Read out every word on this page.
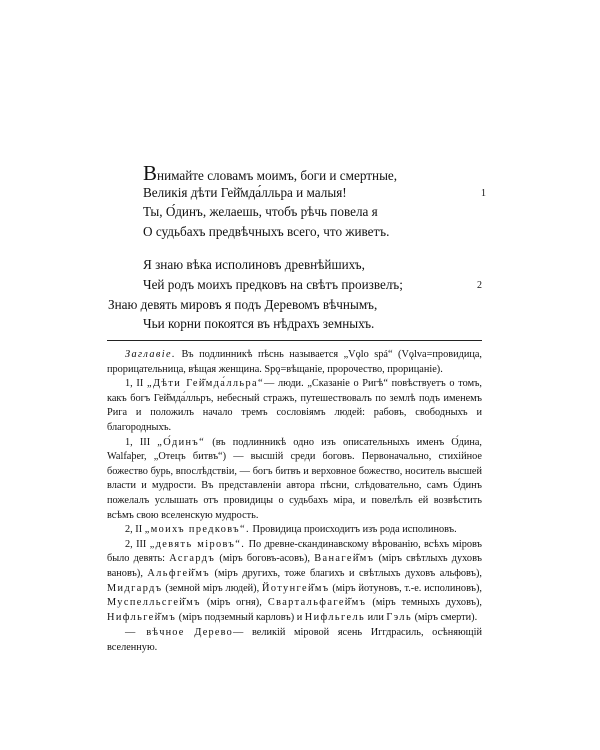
Внимайте словамъ моимъ, боги и смертные,
Великія дѣти Гей̆мда́лльра и малыя!	1
Ты, О́динъ, желаешь, чтобъ рѣчь повела я
О судьбахъ предвѣчныхъ всего, что живетъ.
Я знаю вѣка исполиновъ древнѣйшихъ,
Чей родъ моихъ предковъ на свѣтъ произвелъ;	2
Знаю девять мировъ я подъ Деревомъ вѣчнымъ,
Чьи корни покоятся въ нѣдрахъ земныхъ.

Заглавіе. Въ подлинникѣ пѣснь называется „Vǫlo spá“ (Vǫlva=провидица, прорицательница, вѣщая женщина. Spǫ=вѣщаніе, пророчество, прорицаніе).

1, II „Дѣти Гей̆мда́лльра“— люди. „Сказаніе о Ригѣ“ повѣствуетъ о томъ, какъ богъ Гей̆мда́лльръ, небесный стражъ, путешествовалъ по землѣ подъ именемъ Рига и положилъ начало тремъ сословіямъ людей: рабовъ, свободныхъ и благородныхъ.

1, III „О́динъ“ (въ подлинникѣ одно изъ описательныхъ именъ О́дина, Walfaþer, „Отецъ битвъ“) — высшій среди боговъ. Первоначально, стихійное божество бурь, впослѣдствіи, — богъ битвъ и верховное божество, носитель высшей власти и мудрости. Въ представленіи автора пѣсни, слѣдовательно, самъ О́динъ пожелалъ услышать отъ провидицы о судьбахъ міра, и повелѣлъ ей возвѣстить всѣмъ свою вселенскую мудрость.

2, II „моихъ предковъ“. Провидица происходитъ изъ рода исполиновъ.

2, III „девять міровъ“. По древне-скандинавскому вѣрованію, всѣхъ міровъ было девять: Асгардъ (міръ боговъ-асовъ), Ванагей̆мъ (міръ свѣтлыхъ духовъ вановъ), Альфгей̆мъ (міръ другихъ, тоже благихъ и свѣтлыхъ духовъ альфовъ), Мидгардъ (земной міръ людей), Йотунгей̆мъ (міръ йотуновъ, т.-е. исполиновъ), Муспелльсгей̆мъ (міръ огня), Свартальфагей̆мъ (міръ темныхъ духовъ), Нифльгей̆мъ (міръ подземный карловъ) и Нифльгель или Гэль (міръ смерти).

— вѣчное Дерево— великій міровой ясень Иггдрасиль, осѣняющій вселенную.
